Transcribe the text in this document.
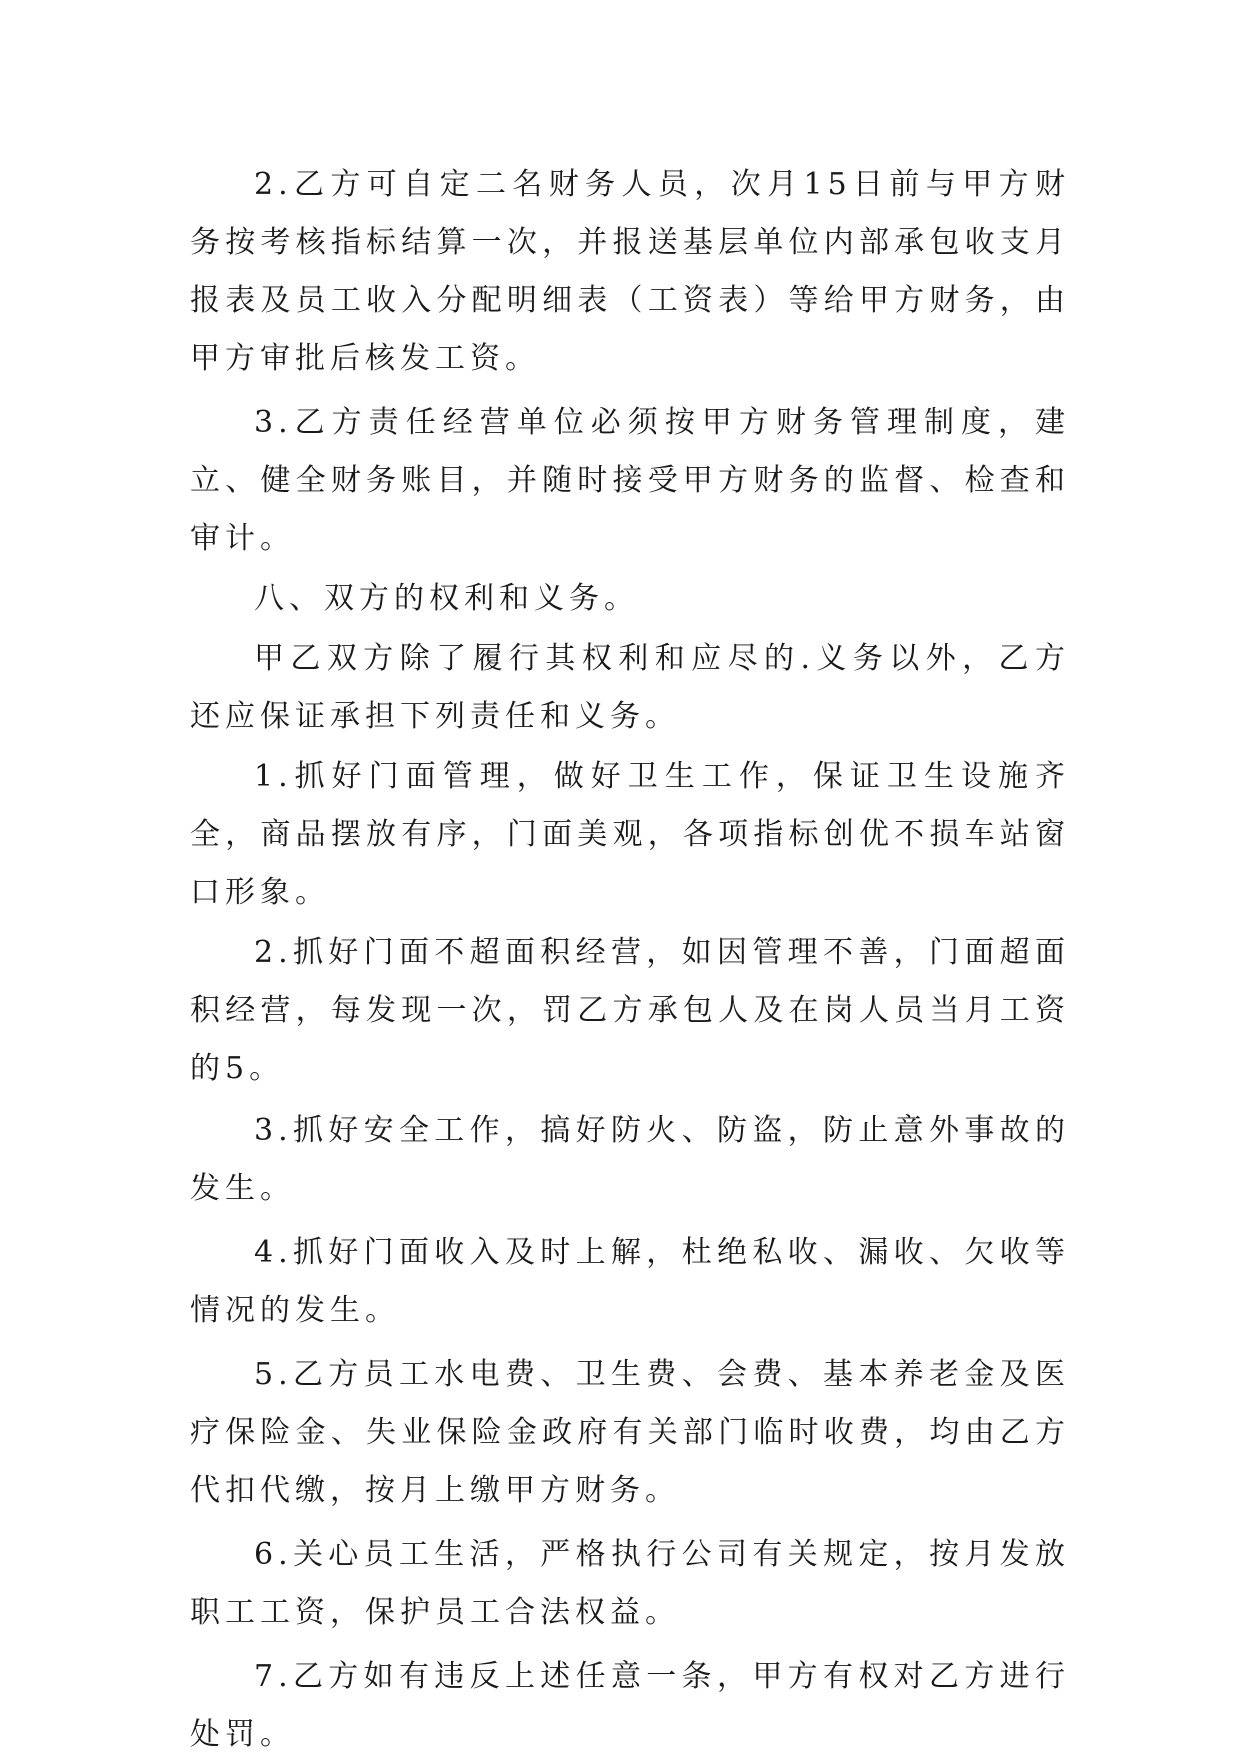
2.乙方可自定二名财务人员，次月15日前与甲方财务按考核指标结算一次，并报送基层单位内部承包收支月报表及员工收入分配明细表（工资表）等给甲方财务，由甲方审批后核发工资。

3.乙方责任经营单位必须按甲方财务管理制度，建立、健全财务账目，并随时接受甲方财务的监督、检查和审计。

八、双方的权利和义务。

甲乙双方除了履行其权利和应尽的.义务以外，乙方还应保证承担下列责任和义务。

1.抓好门面管理，做好卫生工作，保证卫生设施齐全，商品摆放有序，门面美观，各项指标创优不损车站窗口形象。

2.抓好门面不超面积经营，如因管理不善，门面超面积经营，每发现一次，罚乙方承包人及在岗人员当月工资的5。

3.抓好安全工作，搞好防火、防盗，防止意外事故的发生。

4.抓好门面收入及时上解，杜绝私收、漏收、欠收等情况的发生。

5.乙方员工水电费、卫生费、会费、基本养老金及医疗保险金、失业保险金政府有关部门临时收费，均由乙方代扣代缴，按月上缴甲方财务。

6.关心员工生活，严格执行公司有关规定，按月发放职工工资，保护员工合法权益。

7.乙方如有违反上述任意一条，甲方有权对乙方进行处罚。
